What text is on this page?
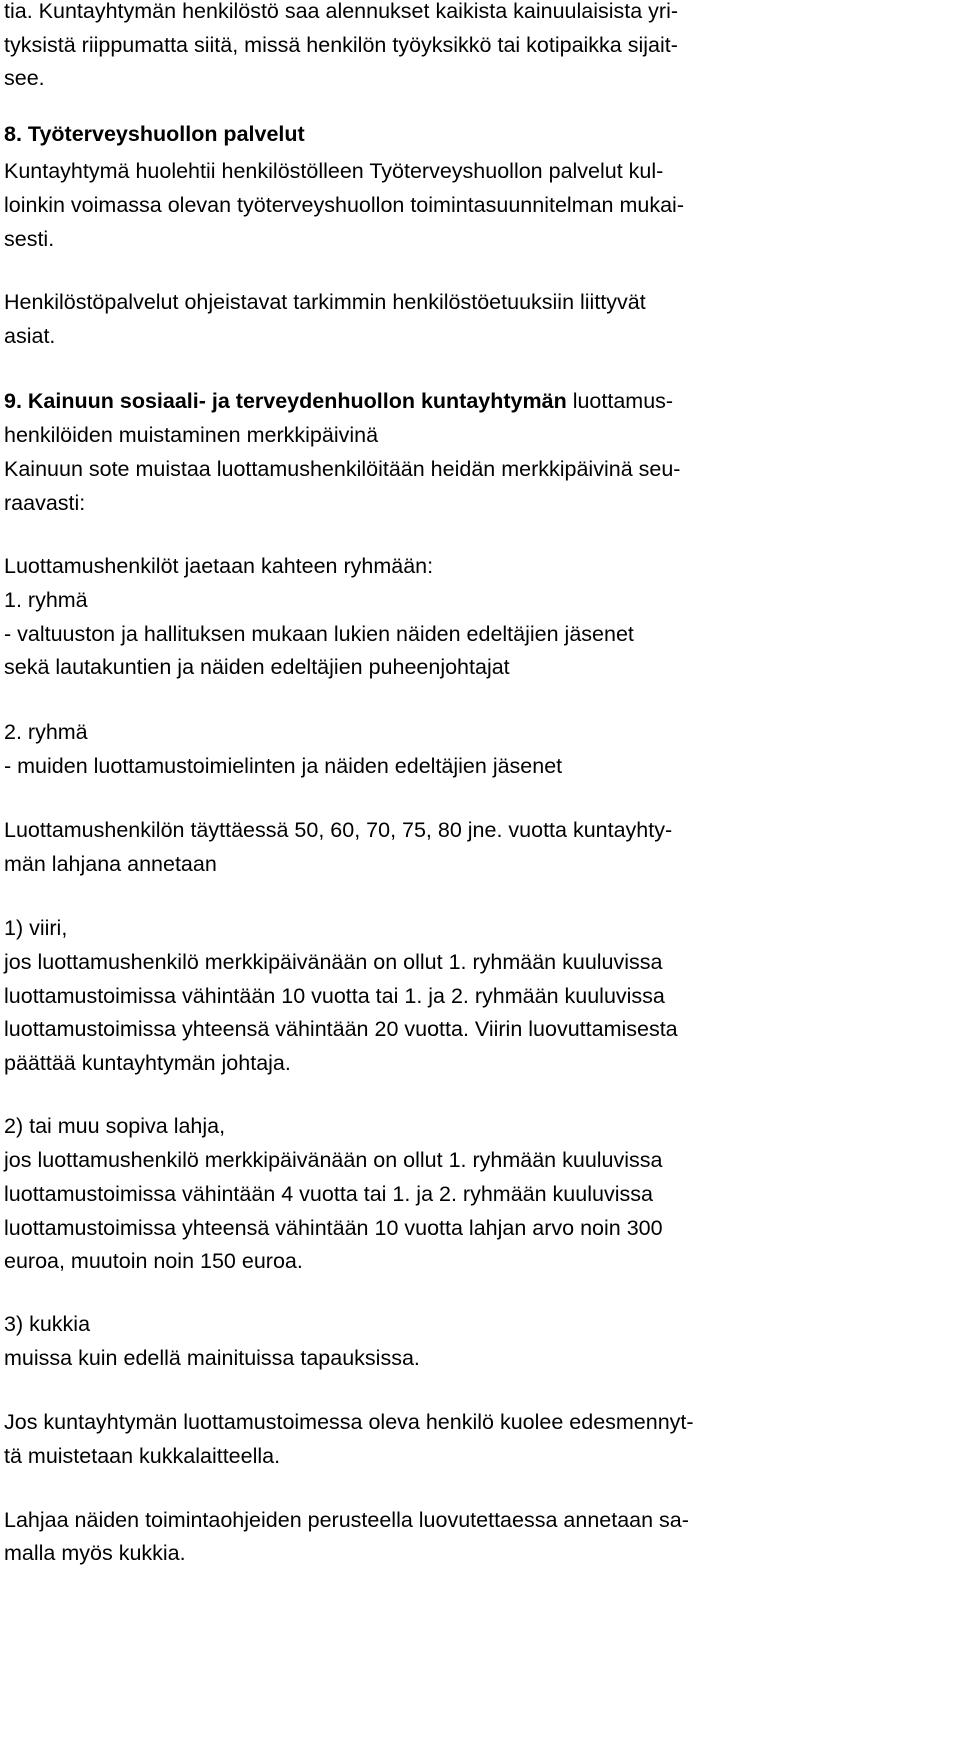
tia. Kuntayhtymän henkilöstö saa alennukset kaikista kainuulaisista yri-
tyksistä riippumatta siitä, missä henkilön työyksikkö tai kotipaikka sijait-
see.
8. Työterveyshuollon palvelut
Kuntayhtymä huolehtii henkilöstölleen Työterveyshuollon palvelut kul-
loinkin voimassa olevan työterveyshuollon toimintasuunnitelman mukai-
sesti.
Henkilöstöpalvelut ohjeistavat tarkimmin henkilöstöetuuksiin liittyvät
asiat.
9. Kainuun sosiaali- ja terveydenhuollon kuntayhtymän luottamus-
henkilöiden muistaminen merkkipäivinä
Kainuun sote muistaa luottamushenkilöitään heidän merkkipäivinä seu-
raavasti:
Luottamushenkilöt jaetaan kahteen ryhmään:
1. ryhmä
- valtuuston ja hallituksen mukaan lukien näiden edeltäjien jäsenet
sekä lautakuntien ja näiden edeltäjien puheenjohtajat
2. ryhmä
- muiden luottamustoimielinten ja näiden edeltäjien jäsenet
Luottamushenkilön täyttäessä 50, 60, 70, 75, 80 jne. vuotta kuntayhty-
män lahjana annetaan
1) viiri,
jos luottamushenkilö merkkipäivänään on ollut 1. ryhmään kuuluvissa
luottamustoimissa vähintään 10 vuotta tai 1. ja 2. ryhmään kuuluvissa
luottamustoimissa yhteensä vähintään 20 vuotta. Viirin luovuttamisesta
päättää kuntayhtymän johtaja.
2) tai muu sopiva lahja,
jos luottamushenkilö merkkipäivänään on ollut 1. ryhmään kuuluvissa
luottamustoimissa vähintään 4 vuotta tai 1. ja 2. ryhmään kuuluvissa
luottamustoimissa yhteensä vähintään 10 vuotta lahjan arvo noin 300
euroa, muutoin noin 150 euroa.
3) kukkia
muissa kuin edellä mainituissa tapauksissa.
Jos kuntayhtymän luottamustoimessa oleva henkilö kuolee edesmennyt-
tä muistetaan kukkalaitteella.
Lahjaa näiden toimintaohjeiden perusteella luovutettaessa annetaan sa-
malla myös kukkia.
